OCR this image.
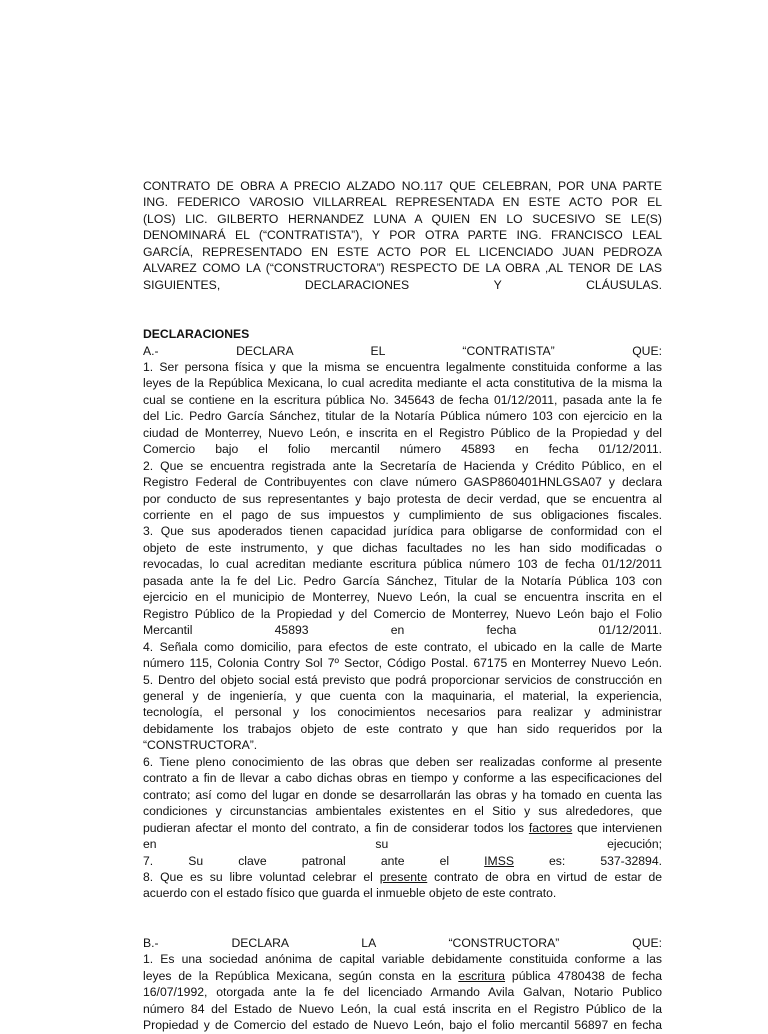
CONTRATO DE OBRA A PRECIO ALZADO NO.117 QUE CELEBRAN, POR UNA PARTE
ING. FEDERICO VAROSIO VILLARREAL REPRESENTADA EN ESTE ACTO POR EL
(LOS) LIC. GILBERTO HERNANDEZ LUNA A QUIEN EN LO SUCESIVO SE LE(S)
DENOMINARÁ EL (“CONTRATISTA”), Y POR OTRA PARTE ING. FRANCISCO LEAL
GARCÍA, REPRESENTADO EN ESTE ACTO POR EL LICENCIADO JUAN PEDROZA
ALVAREZ COMO LA (“CONSTRUCTORA”) RESPECTO DE LA OBRA ,AL TENOR DE LAS
SIGUIENTES, DECLARACIONES Y CLÁUSULAS.
DECLARACIONES
A.- DECLARA EL “CONTRATISTA” QUE:
1. Ser persona física y que la misma se encuentra legalmente constituida conforme a las
leyes de la República Mexicana, lo cual acredita mediante el acta constitutiva de la misma la
cual se contiene en la escritura pública No. 345643 de fecha 01/12/2011, pasada ante la fe
del Lic. Pedro García Sánchez, titular de la Notaría Pública número 103 con ejercicio en la
ciudad de Monterrey, Nuevo León, e inscrita en el Registro Público de la Propiedad y del
Comercio bajo el folio mercantil número 45893 en fecha 01/12/2011.
2. Que se encuentra registrada ante la Secretaría de Hacienda y Crédito Público, en el
Registro Federal de Contribuyentes con clave número GASP860401HNLGSA07 y declara
por conducto de sus representantes y bajo protesta de decir verdad, que se encuentra al
corriente en el pago de sus impuestos y cumplimiento de sus obligaciones fiscales.
3. Que sus apoderados tienen capacidad jurídica para obligarse de conformidad con el
objeto de este instrumento, y que dichas facultades no les han sido modificadas o
revocadas, lo cual acreditan mediante escritura pública número 103 de fecha 01/12/2011
pasada ante la fe del Lic. Pedro García Sánchez, Titular de la Notaría Pública 103 con
ejercicio en el municipio de Monterrey, Nuevo León, la cual se encuentra inscrita en el
Registro Público de la Propiedad y del Comercio de Monterrey, Nuevo León bajo el Folio
Mercantil 45893 en fecha 01/12/2011.
4. Señala como domicilio, para efectos de este contrato, el ubicado en la calle de Marte
número 115, Colonia Contry Sol 7º Sector, Código Postal. 67175 en Monterrey Nuevo León.
5. Dentro del objeto social está previsto que podrá proporcionar servicios de construcción en
general y de ingeniería, y que cuenta con la maquinaria, el material, la experiencia,
tecnología, el personal y los conocimientos necesarios para realizar y administrar
debidamente los trabajos objeto de este contrato y que han sido requeridos por la
“CONSTRUCTORA”.
6. Tiene pleno conocimiento de las obras que deben ser realizadas conforme al presente
contrato a fin de llevar a cabo dichas obras en tiempo y conforme a las especificaciones del
contrato; así como del lugar en donde se desarrollarán las obras y ha tomado en cuenta las
condiciones y circunstancias ambientales existentes en el Sitio y sus alrededores, que
pudieran afectar el monto del contrato, a fin de considerar todos los factores que intervienen
en su ejecución;
7. Su clave patronal ante el IMSS es: 537-32894.
8. Que es su libre voluntad celebrar el presente contrato de obra en virtud de estar de
acuerdo con el estado físico que guarda el inmueble objeto de este contrato.
B.- DECLARA LA “CONSTRUCTORA” QUE:
1. Es una sociedad anónima de capital variable debidamente constituida conforme a las
leyes de la República Mexicana, según consta en la escritura pública 4780438 de fecha
16/07/1992, otorgada ante la fe del licenciado Armando Avila Galvan, Notario Publico
número 84 del Estado de Nuevo León, la cual está inscrita en el Registro Público de la
Propiedad y de Comercio del estado de Nuevo León, bajo el folio mercantil 56897 en fecha
